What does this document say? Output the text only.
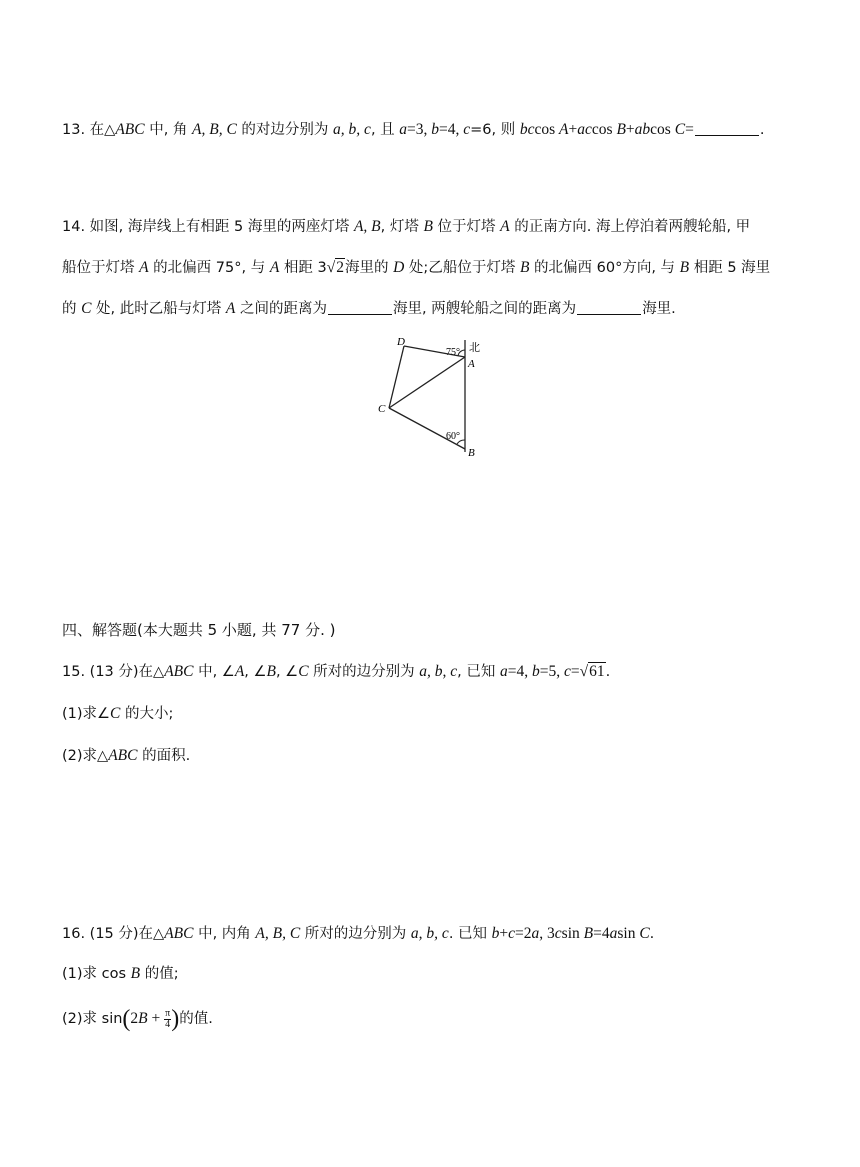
13. 在△ABC 中, 角 A, B, C 的对边分别为 a, b, c, 且 a=3, b=4, c=6, 则 bccos A+accos B+abcos C=	.
14. 如图, 海岸线上有相距 5 海里的两座灯塔 A, B, 灯塔 B 位于灯塔 A 的正南方向. 海上停泊着两艘轮船, 甲
船位于灯塔 A 的北偏西 75°, 与 A 相距 3√2海里的 D 处;乙船位于灯塔 B 的北偏西 60°方向, 与 B 相距 5 海里
的 C 处, 此时乙船与灯塔 A 之间的距离为	海里, 两艘轮船之间的距离为	海里.
D
A
C
B
北
75°
60°
四、解答题(本大题共 5 小题, 共 77 分. )
15. (13 分)在△ABC 中, ∠A, ∠B, ∠C 所对的边分别为 a, b, c, 已知 a=4, b=5, c=√61.
(1)求∠C 的大小;
(2)求△ABC 的面积.
16. (15 分)在△ABC 中, 内角 A, B, C 所对的边分别为 a, b, c. 已知 b+c=2a, 3csin B=4asin C.
(1)求 cos B 的值;
(2)求 $\sin(2B + \frac{\pi}{4}$ )的值.
